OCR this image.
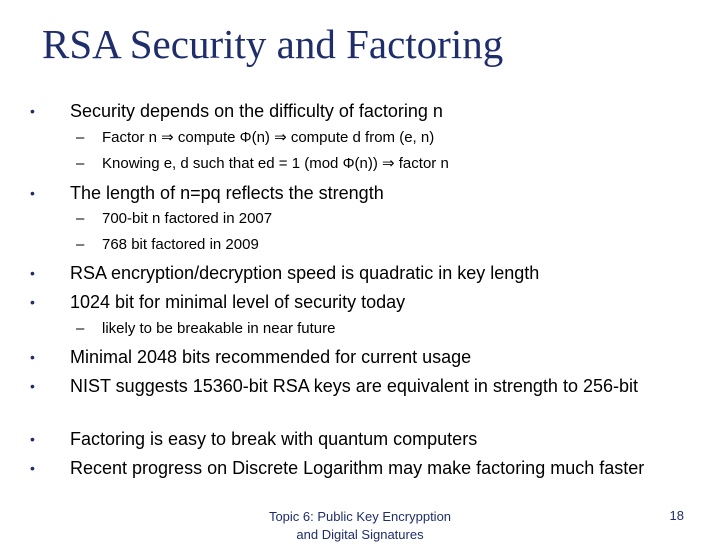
RSA Security and Factoring
• Security depends on the difficulty of factoring n
– Factor n ⇒ compute Φ(n) ⇒ compute d from (e, n)
– Knowing e, d such that ed = 1 (mod Φ(n)) ⇒ factor n
• The length of n=pq reflects the strength
– 700-bit n factored in 2007
– 768 bit factored in 2009
• RSA encryption/decryption speed is quadratic in key length
• 1024 bit for minimal level of security today
– likely to be breakable in near future
• Minimal 2048 bits recommended for current usage
• NIST suggests 15360-bit RSA keys are equivalent in strength to 256-bit
• Factoring is easy to break with quantum computers
• Recent progress on Discrete Logarithm may make factoring much faster
Topic 6: Public Key Encrypption
and Digital Signatures
18
